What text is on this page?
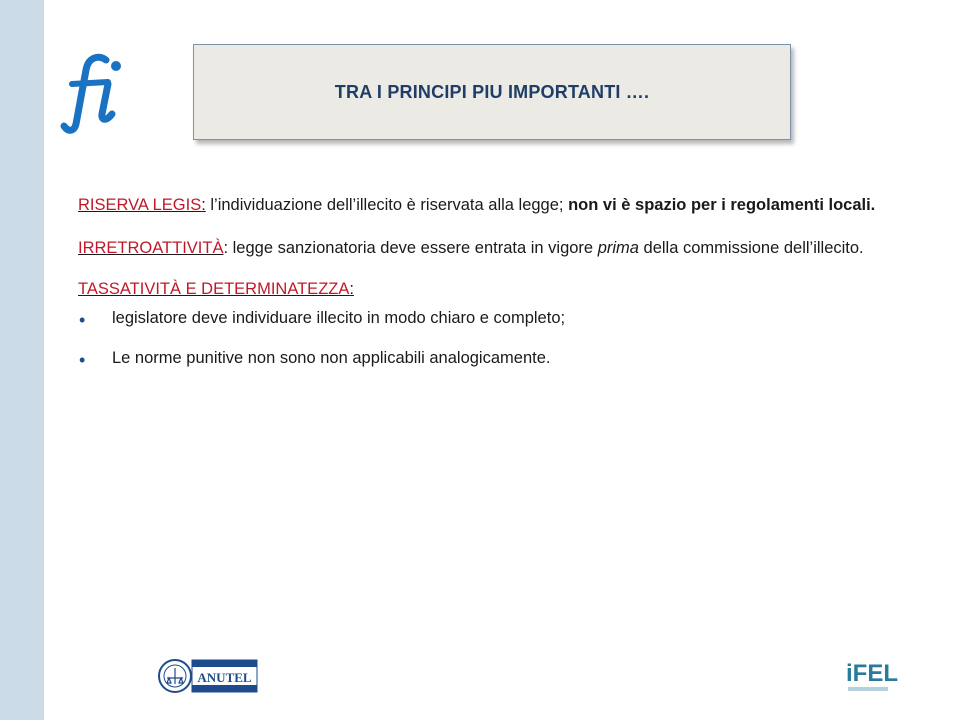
TRA I PRINCIPI PIU IMPORTANTI ….

RISERVA LEGIS: l’individuazione dell’illecito è riservata alla legge; non vi è spazio per i regolamenti locali.

IRRETROATTIVITÀ: legge sanzionatoria deve essere entrata in vigore prima della commissione dell’illecito.

TASSATIVITÀ E DETERMINATEZZA:
• legislatore deve individuare illecito in modo chiaro e completo;
• Le norme punitive non sono non applicabili analogicamente.
ANUTEL	iFEL
